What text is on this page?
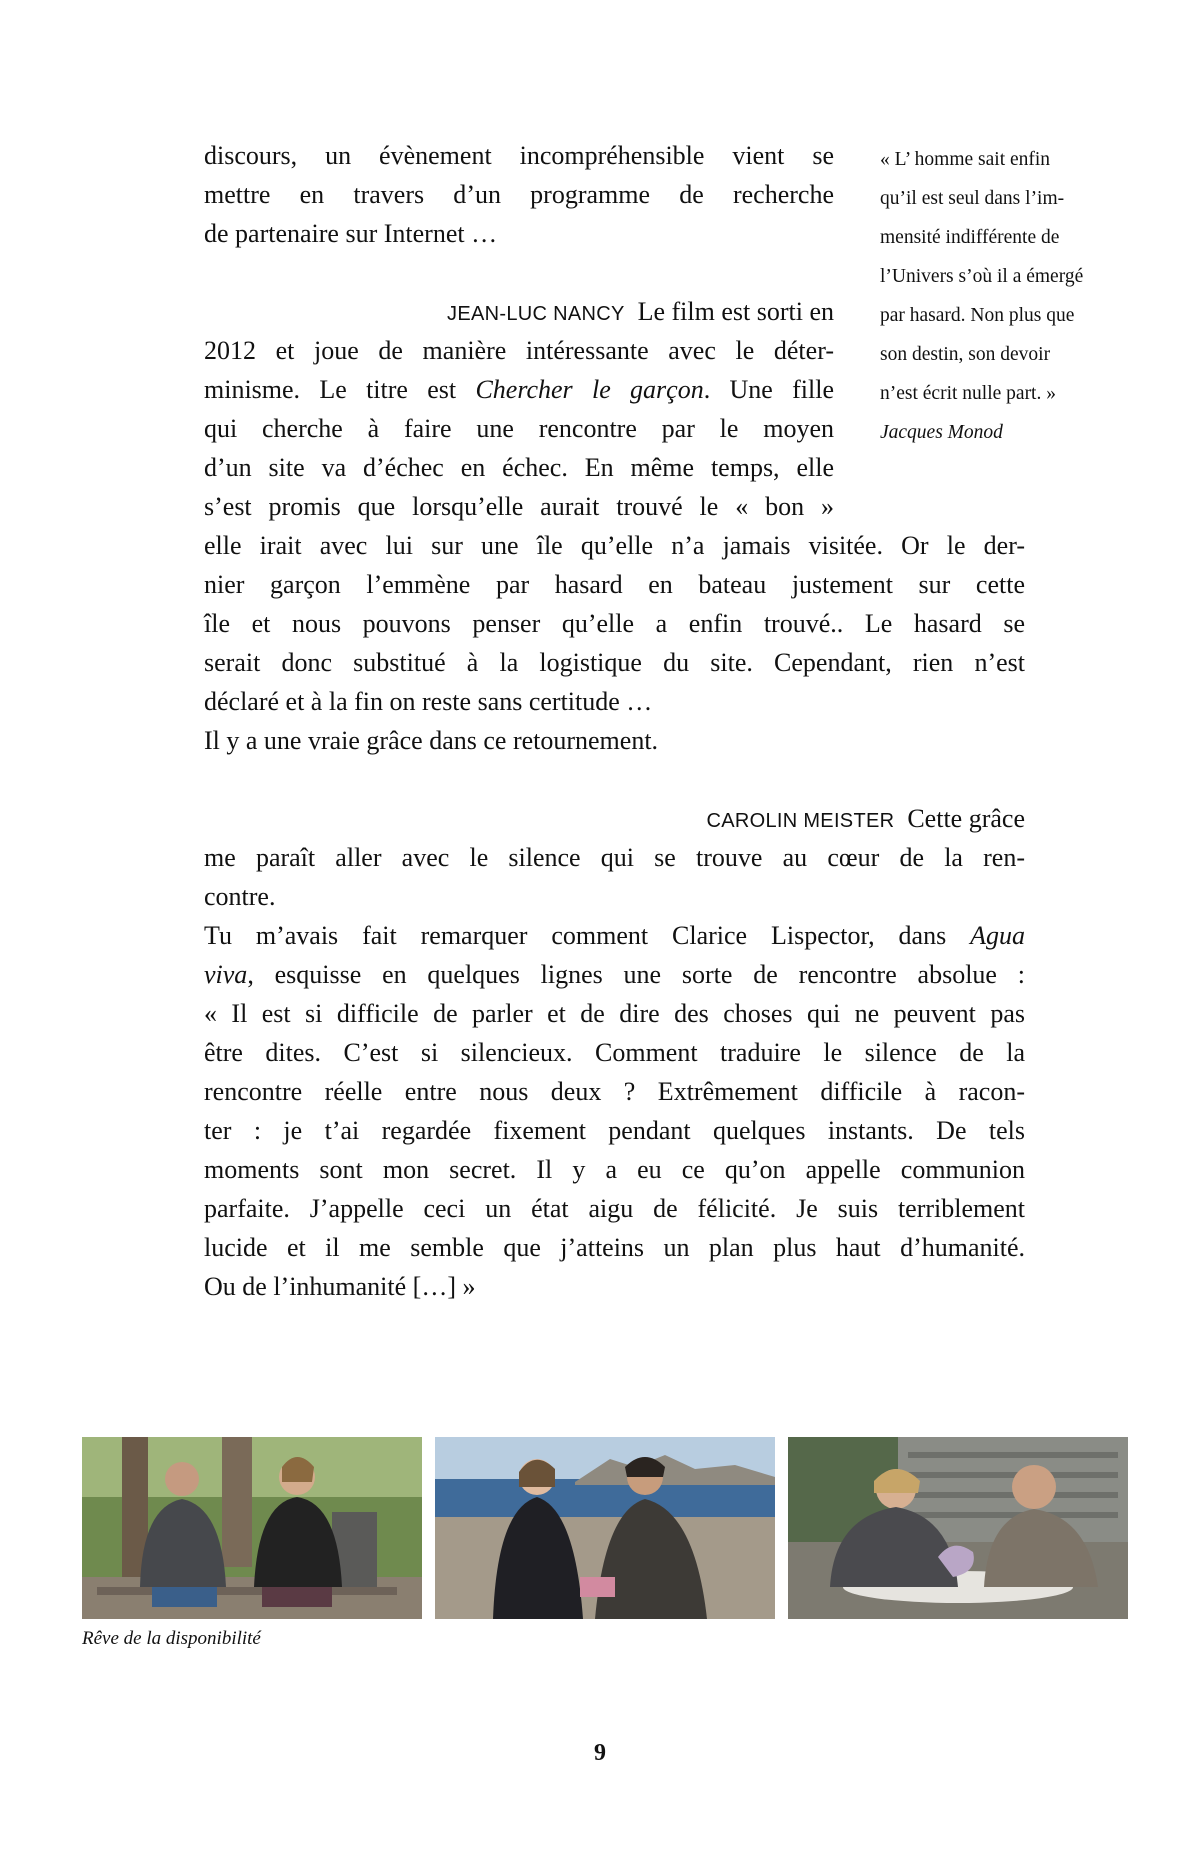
discours, un évènement incompréhensible vient se
mettre en travers d’un programme de recherche
de partenaire sur Internet …
JEAN-LUC NANCY Le film est sorti en
2012 et joue de manière intéressante avec le déter-
minisme. Le titre est Chercher le garçon. Une fille
qui cherche à faire une rencontre par le moyen
d’un site va d’échec en échec. En même temps, elle
s’est promis que lorsqu’elle aurait trouvé le « bon »
elle irait avec lui sur une île qu’elle n’a jamais visitée. Or le der-
nier garçon l’emmène par hasard en bateau justement sur cette
île et nous pouvons penser qu’elle a enfin trouvé.. Le hasard se
serait donc substitué à la logistique du site. Cependant, rien n’est
déclaré et à la fin on reste sans certitude …
Il y a une vraie grâce dans ce retournement.
CAROLIN MEISTER Cette grâce
me paraît aller avec le silence qui se trouve au cœur de la ren-
contre.
Tu m’avais fait remarquer comment Clarice Lispector, dans Agua
viva, esquisse en quelques lignes une sorte de rencontre absolue :
« Il est si difficile de parler et de dire des choses qui ne peuvent pas
être dites. C’est si silencieux. Comment traduire le silence de la
rencontre réelle entre nous deux ? Extrêmement difficile à racon-
ter : je t’ai regardée fixement pendant quelques instants. De tels
moments sont mon secret. Il y a eu ce qu’on appelle communion
parfaite. J’appelle ceci un état aigu de félicité. Je suis terriblement
lucide et il me semble que j’atteins un plan plus haut d’humanité.
Ou de l’inhumanité […] »
« L’ homme sait enfin
qu’il est seul dans l’im-
mensité indifférente de
l’Univers s’où il a émergé
par hasard. Non plus que
son destin, son devoir
n’est écrit nulle part. »
Jacques Monod
Rêve de la disponibilité
9
